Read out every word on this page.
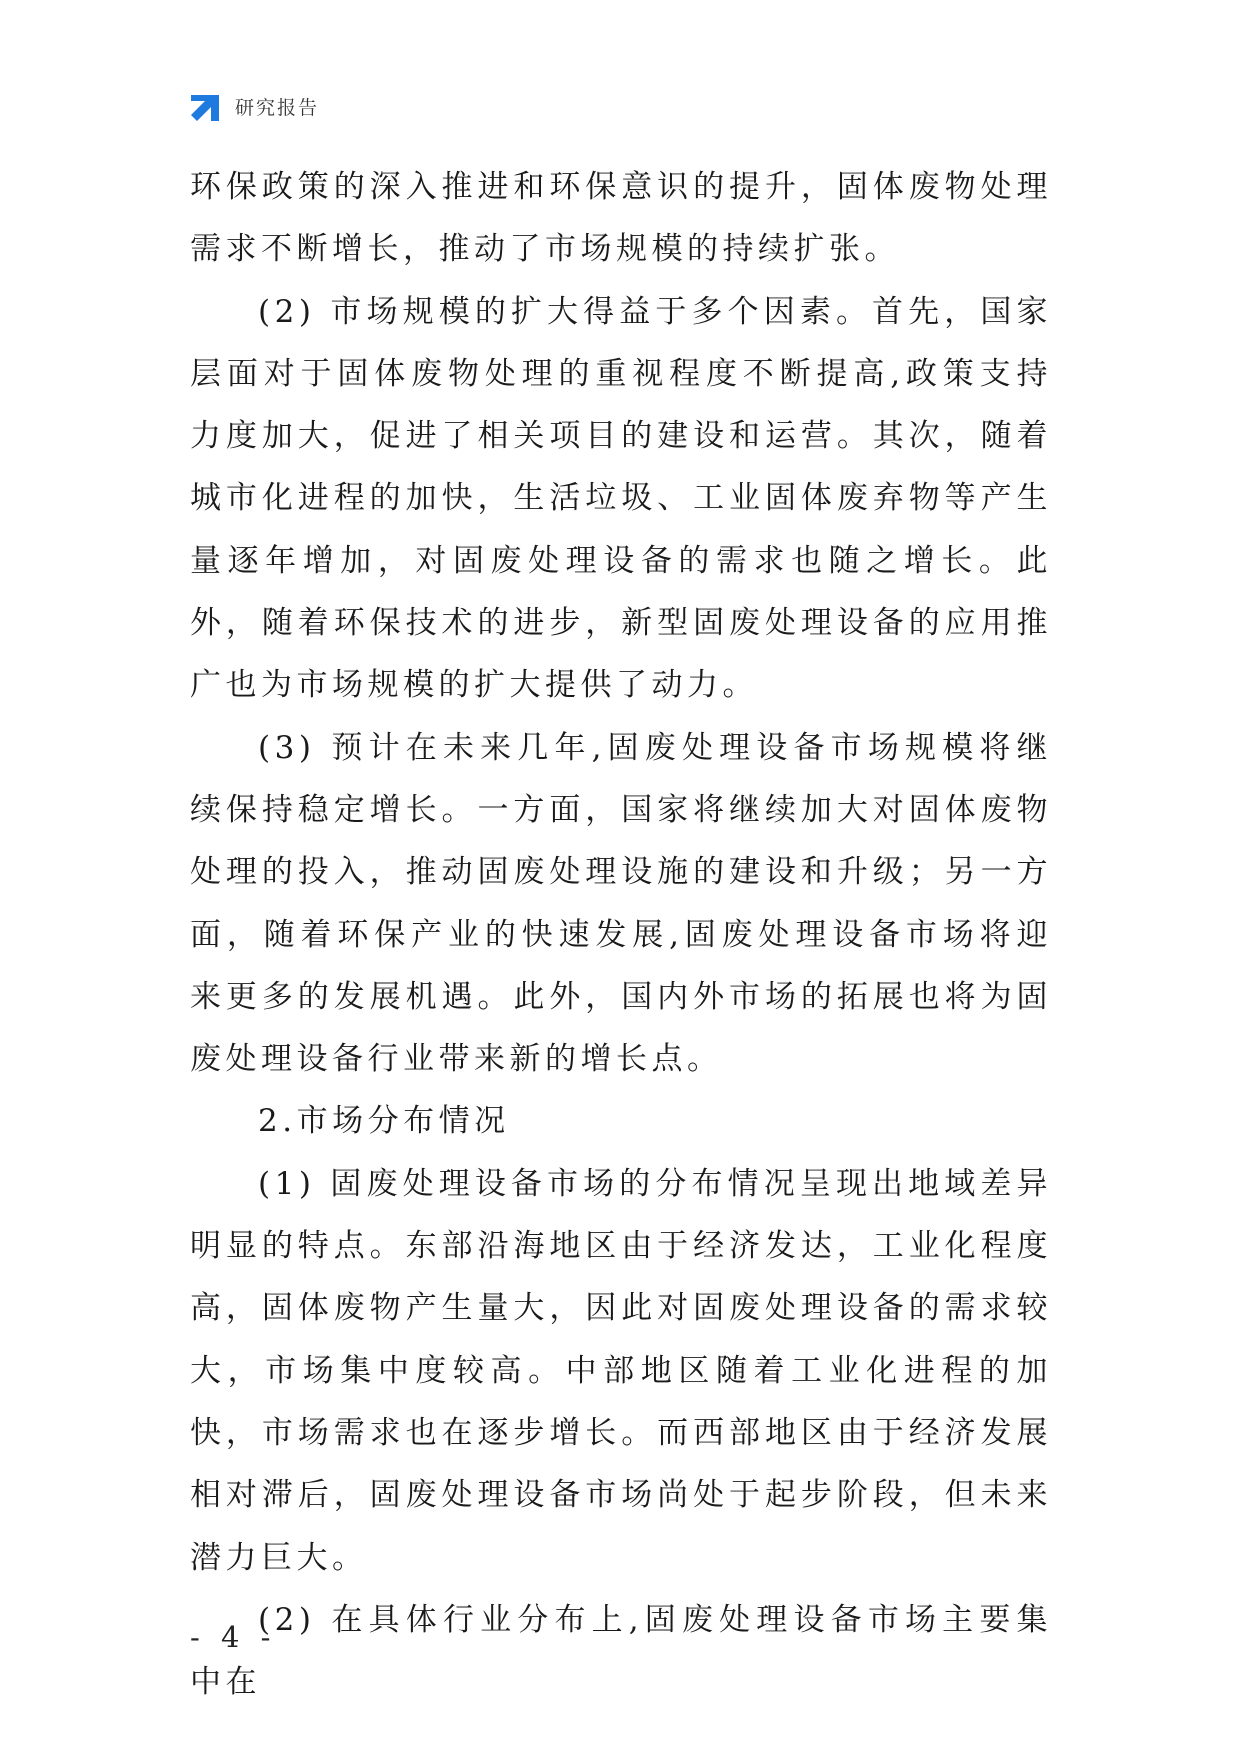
研究报告

环保政策的深入推进和环保意识的提升，固体废物处理需求不断增长，推动了市场规模的持续扩张。

(2) 市场规模的扩大得益于多个因素。首先，国家层面对于固体废物处理的重视程度不断提高,政策支持力度加大，促进了相关项目的建设和运营。其次，随着城市化进程的加快，生活垃圾、工业固体废弃物等产生量逐年增加，对固废处理设备的需求也随之增长。此外，随着环保技术的进步，新型固废处理设备的应用推广也为市场规模的扩大提供了动力。

(3) 预计在未来几年,固废处理设备市场规模将继续保持稳定增长。一方面，国家将继续加大对固体废物处理的投入，推动固废处理设施的建设和升级；另一方面，随着环保产业的快速发展,固废处理设备市场将迎来更多的发展机遇。此外，国内外市场的拓展也将为固废处理设备行业带来新的增长点。

2.市场分布情况

(1) 固废处理设备市场的分布情况呈现出地域差异明显的特点。东部沿海地区由于经济发达，工业化程度高，固体废物产生量大，因此对固废处理设备的需求较大，市场集中度较高。中部地区随着工业化进程的加快，市场需求也在逐步增长。而西部地区由于经济发展相对滞后，固废处理设备市场尚处于起步阶段，但未来潜力巨大。

(2) 在具体行业分布上,固废处理设备市场主要集中在

- 4 -
